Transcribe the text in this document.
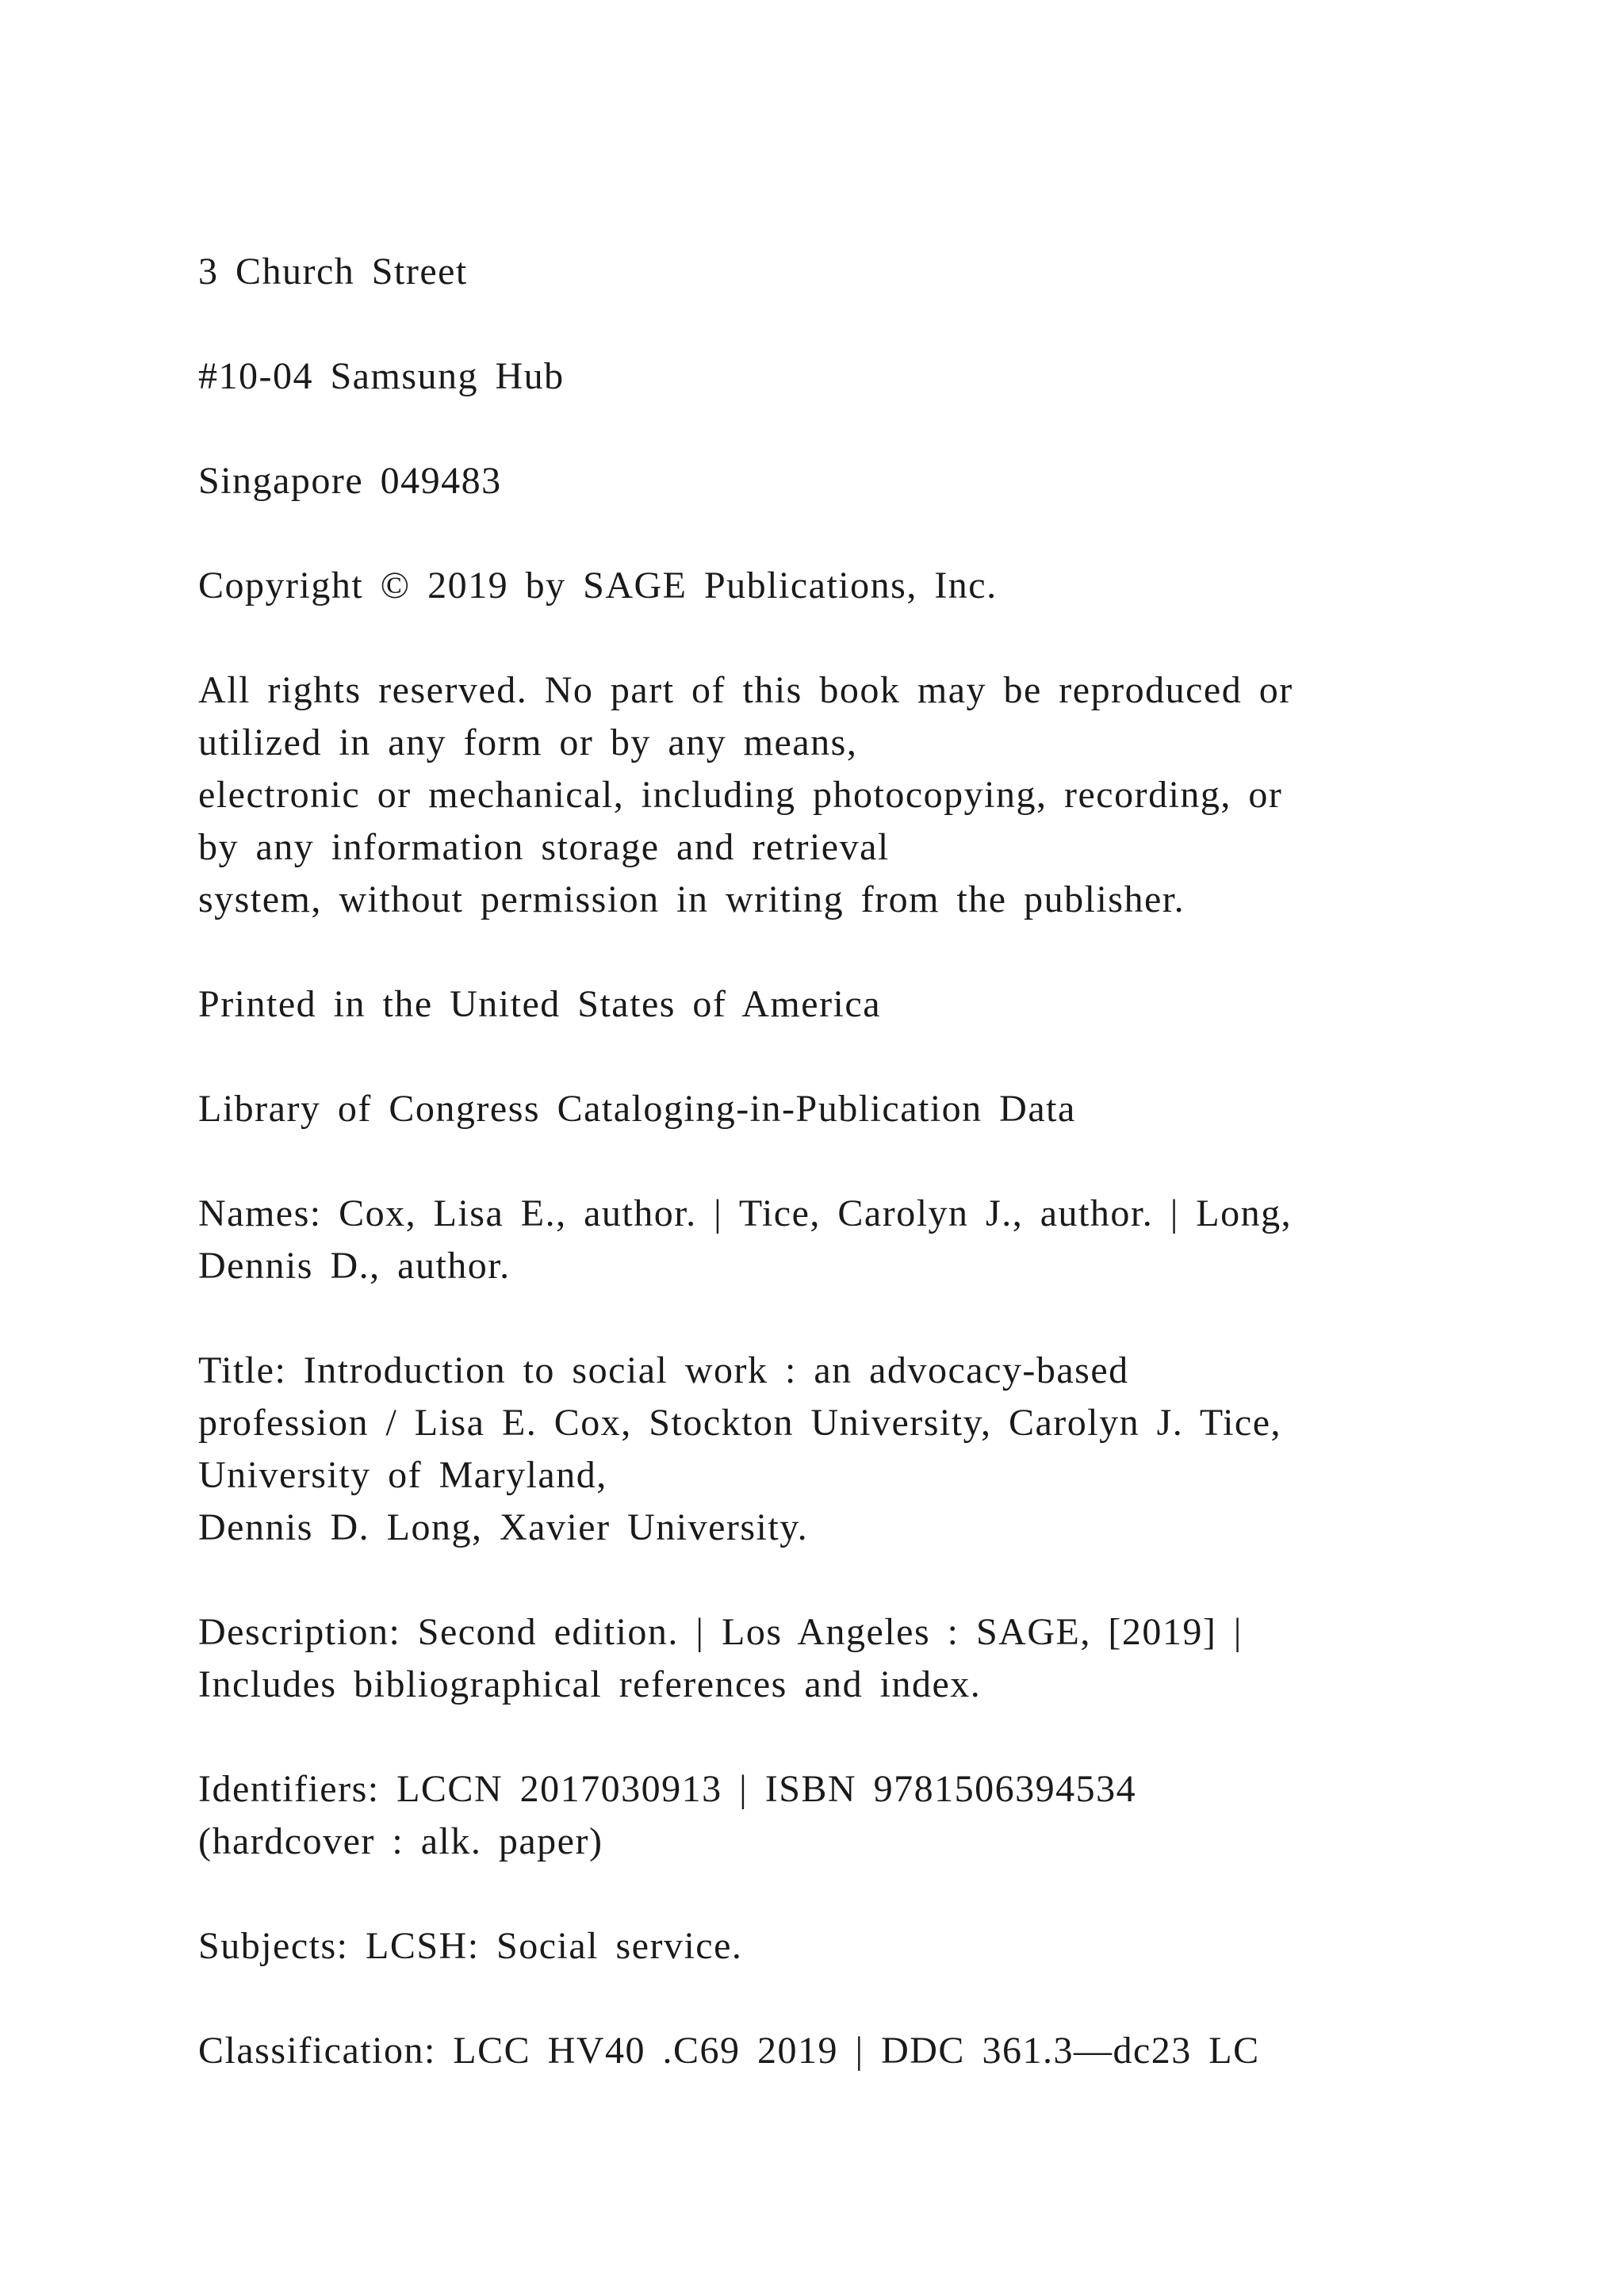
3 Church Street

#10-04 Samsung Hub

Singapore 049483

Copyright © 2019 by SAGE Publications, Inc.

All rights reserved. No part of this book may be reproduced or
utilized in any form or by any means,
electronic or mechanical, including photocopying, recording, or
by any information storage and retrieval
system, without permission in writing from the publisher.

Printed in the United States of America

Library of Congress Cataloging-in-Publication Data

Names: Cox, Lisa E., author. | Tice, Carolyn J., author. | Long,
Dennis D., author.

Title: Introduction to social work : an advocacy-based
profession / Lisa E. Cox, Stockton University, Carolyn J. Tice,
University of Maryland,
Dennis D. Long, Xavier University.

Description: Second edition. | Los Angeles : SAGE, [2019] |
Includes bibliographical references and index.

Identifiers: LCCN 2017030913 | ISBN 9781506394534
(hardcover : alk. paper)

Subjects: LCSH: Social service.

Classification: LCC HV40 .C69 2019 | DDC 361.3—dc23 LC
